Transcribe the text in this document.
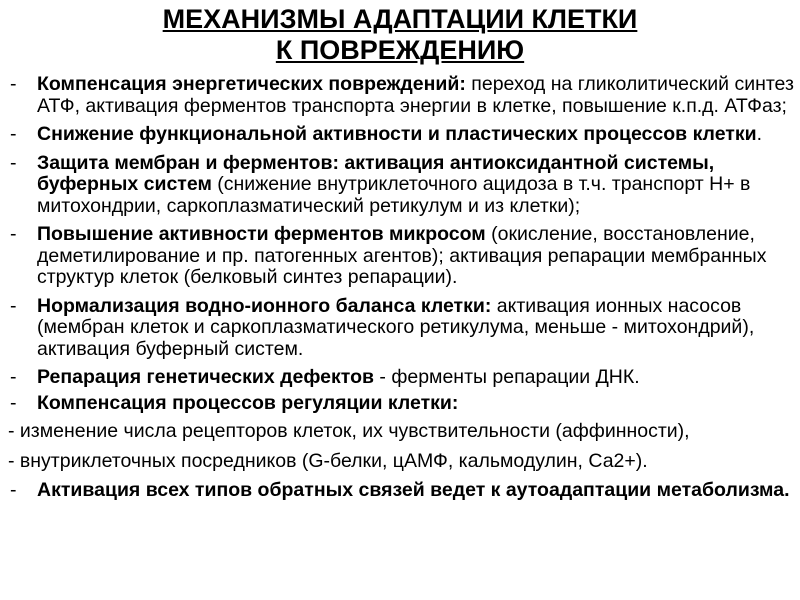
МЕХАНИЗМЫ АДАПТАЦИИ КЛЕТКИ
К ПОВРЕЖДЕНИЮ
- Компенсация энергетических повреждений: переход на гликолитический синтез АТФ, активация ферментов транспорта энергии в клетке, повышение к.п.д. АТФаз;
- Снижение функциональной активности и пластических процессов клетки.
- Защита мембран и ферментов: активация антиоксидантной системы, буферных систем (снижение внутриклеточного ацидоза в т.ч. транспорт Н+ в митохондрии, саркоплазматический ретикулум и из клетки);
- Повышение активности ферментов микросом (окисление, восстановление, деметилирование и пр. патогенных агентов); активация репарации мембранных структур клеток (белковый синтез репарации).
- Нормализация водно-ионного баланса клетки: активация ионных насосов (мембран клеток и саркоплазматического ретикулума, меньше - митохондрий), активация буферный систем.
- Репарация генетических дефектов - ферменты репарации ДНК.
- Компенсация процессов регуляции клетки:
- изменение числа рецепторов клеток, их чувствительности (аффинности),
- внутриклеточных посредников (G-белки, цАМФ, кальмодулин, Са2+).
- Активация всех типов обратных связей ведет к аутоадаптации метаболизма.
